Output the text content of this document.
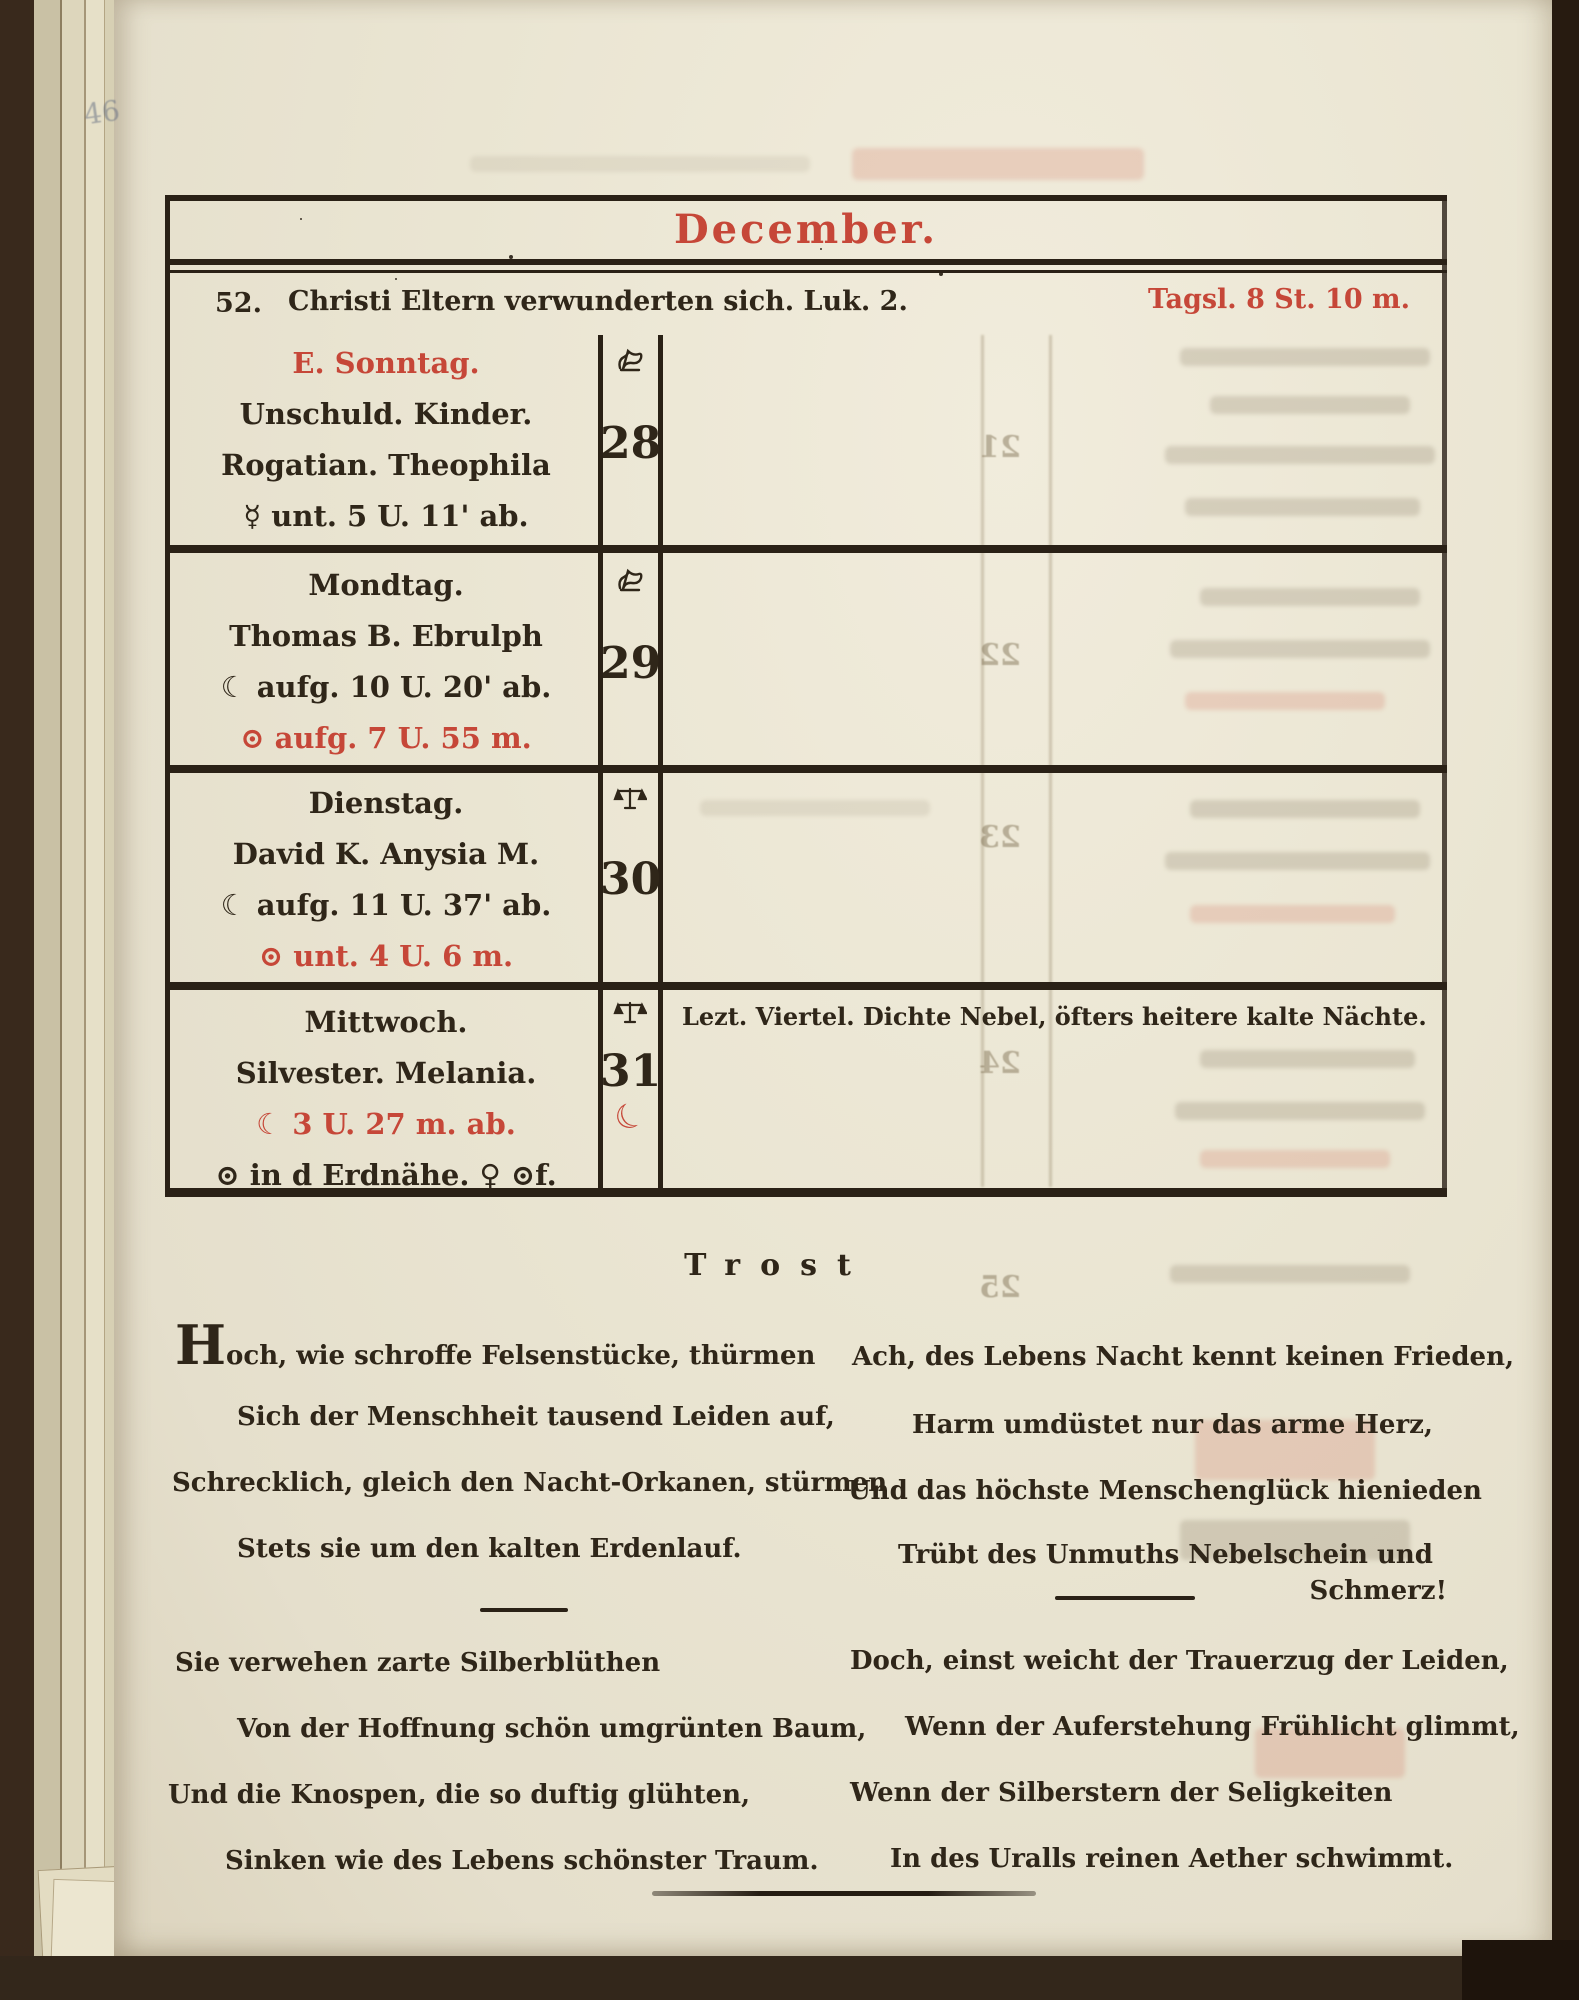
46
21
22
23
24
25
December.
52. Christi Eltern verwunderten sich. Luk. 2.	Tagsl. 8 St. 10 m.
E. Sonntag.
Unschuld. Kinder.
Rogatian. Theophila
☿ unt. 5 U. 11' ab.
28
Mondtag.
Thomas B. Ebrulph
☾ aufg. 10 U. 20' ab.
⊙ aufg. 7 U. 55 m.
29
Dienstag.
David K. Anysia M.
☾ aufg. 11 U. 37' ab.
⊙ unt. 4 U. 6 m.
30
Mittwoch.
Silvester. Melania.
☾ 3 U. 27 m. ab.
⊙ in d Erdnähe. ♀ ⊙f.
31
☾
Lezt. Viertel. Dichte Nebel, öfters heitere kalte Nächte.
Trost
Hoch, wie schroffe Felsenstücke, thürmen
Sich der Menschheit tausend Leiden auf,
Schrecklich, gleich den Nacht-Orkanen, stürmen
Stets sie um den kalten Erdenlauf.
Ach, des Lebens Nacht kennt keinen Frieden,
Harm umdüstet nur das arme Herz,
Und das höchste Menschenglück hienieden
Trübt des Unmuths Nebelschein und
Schmerz!
Sie verwehen zarte Silberblüthen
Von der Hoffnung schön umgrünten Baum,
Und die Knospen, die so duftig glühten,
Sinken wie des Lebens schönster Traum.
Doch, einst weicht der Trauerzug der Leiden,
Wenn der Auferstehung Frühlicht glimmt,
Wenn der Silberstern der Seligkeiten
In des Uralls reinen Aether schwimmt.
